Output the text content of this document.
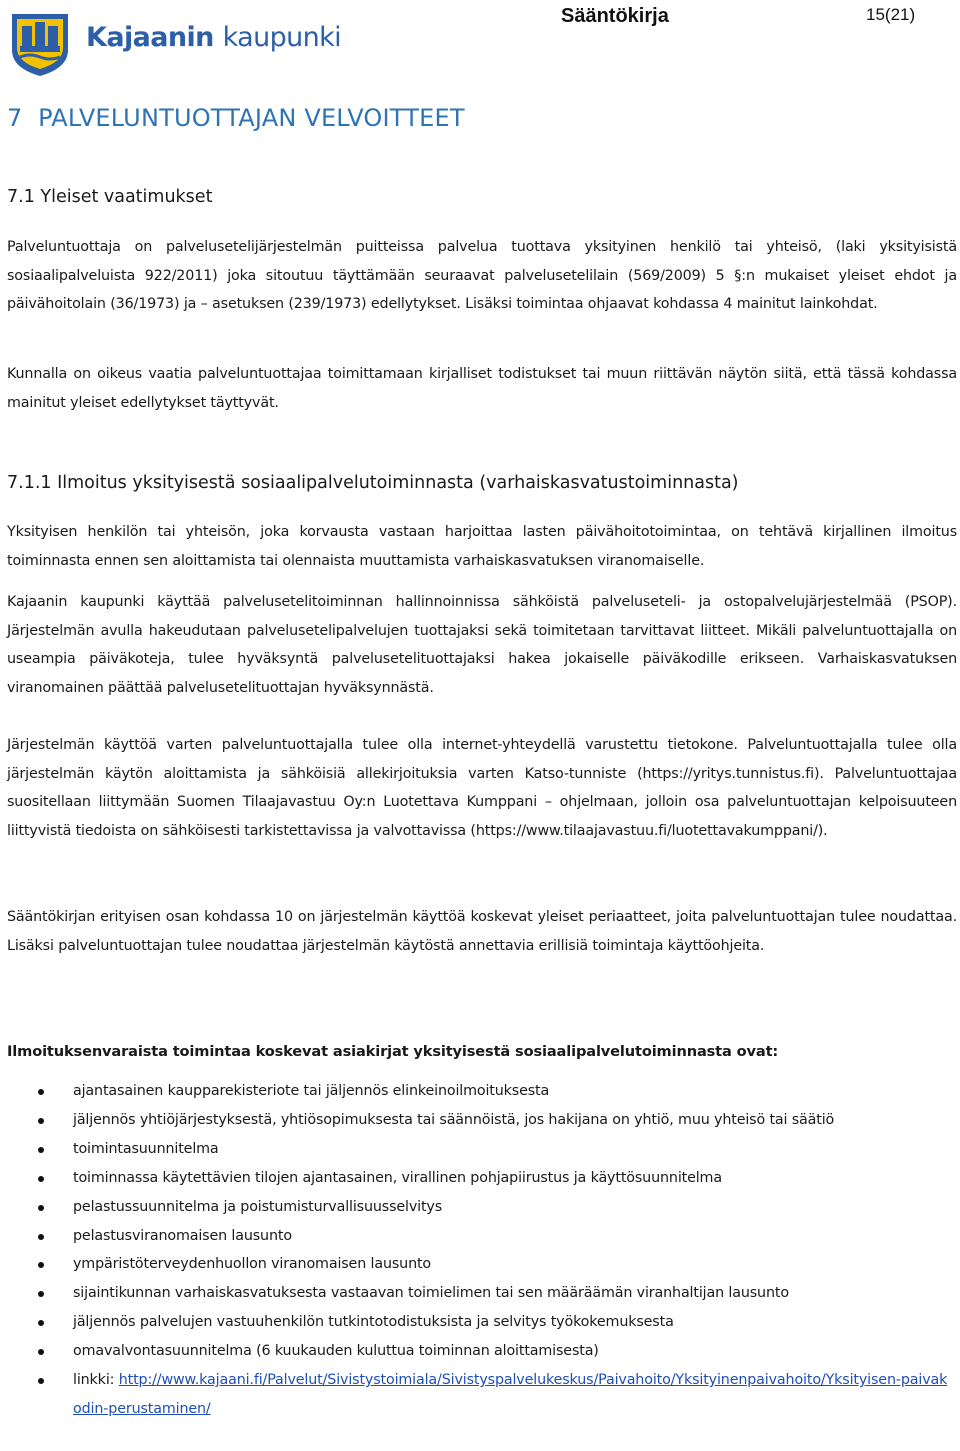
Kajaanin kaupunki
Sääntökirja	15(21)
7  PALVELUNTUOTTAJAN VELVOITTEET
7.1 Yleiset vaatimukset
Palveluntuottaja on palvelusetelijärjestelmän puitteissa palvelua tuottava yksityinen henkilö tai yhteisö, (laki yksityisistä sosiaalipalveluista 922/2011) joka sitoutuu täyttämään seuraavat palvelusetelilain (569/2009) 5 §:n mukaiset yleiset ehdot ja päivähoitolain (36/1973) ja – asetuksen (239/1973) edellytykset. Lisäksi toimintaa ohjaavat kohdassa 4 mainitut lainkohdat.
Kunnalla on oikeus vaatia palveluntuottajaa toimittamaan kirjalliset todistukset tai muun riittävän näytön siitä, että tässä kohdassa mainitut yleiset edellytykset täyttyvät.
7.1.1 Ilmoitus yksityisestä sosiaalipalvelutoiminnasta (varhaiskasvatustoiminnasta)
Yksityisen henkilön tai yhteisön, joka korvausta vastaan harjoittaa lasten päivähoitotoimintaa, on tehtävä kirjallinen ilmoitus toiminnasta ennen sen aloittamista tai olennaista muuttamista varhaiskasvatuksen viranomaiselle.
Kajaanin kaupunki käyttää palvelusetelitoiminnan hallinnoinnissa sähköistä palveluseteli- ja ostopalvelujärjestelmää (PSOP). Järjestelmän avulla hakeudutaan palvelusetelipalvelujen tuottajaksi sekä toimitetaan tarvittavat liitteet. Mikäli palveluntuottajalla on useampia päiväkoteja, tulee hyväksyntä palvelusetelituottajaksi hakea jokaiselle päiväkodille erikseen. Varhaiskasvatuksen viranomainen päättää palvelusetelituottajan hyväksynnästä.
Järjestelmän käyttöä varten palveluntuottajalla tulee olla internet-yhteydellä varustettu tietokone. Palveluntuottajalla tulee olla järjestelmän käytön aloittamista ja sähköisiä allekirjoituksia varten Katso-tunniste (https://yritys.tunnistus.fi). Palveluntuottajaa suositellaan liittymään Suomen Tilaajavastuu Oy:n Luotettava Kumppani – ohjelmaan, jolloin osa palveluntuottajan kelpoisuuteen liittyvistä tiedoista on sähköisesti tarkistettavissa ja valvottavissa (https://www.tilaajavastuu.fi/luotettavakumppani/).
Sääntökirjan erityisen osan kohdassa 10 on järjestelmän käyttöä koskevat yleiset periaatteet, joita palveluntuottajan tulee noudattaa. Lisäksi palveluntuottajan tulee noudattaa järjestelmän käytöstä annettavia erillisiä toimintaja käyttöohjeita.
Ilmoituksenvaraista toimintaa koskevat asiakirjat yksityisestä sosiaalipalvelutoiminnasta ovat:
ajantasainen kaupparekisteriote tai jäljennös elinkeinoilmoituksesta
jäljennös yhtiöjärjestyksestä, yhtiösopimuksesta tai säännöistä, jos hakijana on yhtiö, muu yhteisö tai säätiö
toimintasuunnitelma
toiminnassa käytettävien tilojen ajantasainen, virallinen pohjapiirustus ja käyttösuunnitelma
pelastussuunnitelma ja poistumisturvallisuusselvitys
pelastusviranomaisen lausunto
ympäristöterveydenhuollon viranomaisen lausunto
sijaintikunnan varhaiskasvatuksesta vastaavan toimielimen tai sen määräämän viranhaltijan lausunto
jäljennös palvelujen vastuuhenkilön tutkintotodistuksista ja selvitys työkokemuksesta
omavalvontasuunnitelma (6 kuukauden kuluttua toiminnan aloittamisesta)
linkki: http://www.kajaani.fi/Palvelut/Sivistystoimiala/Sivistyspalvelukeskus/Paivahoito/Yksityinenpaivahoito/Yksityisen-paivakodin-perustaminen/
